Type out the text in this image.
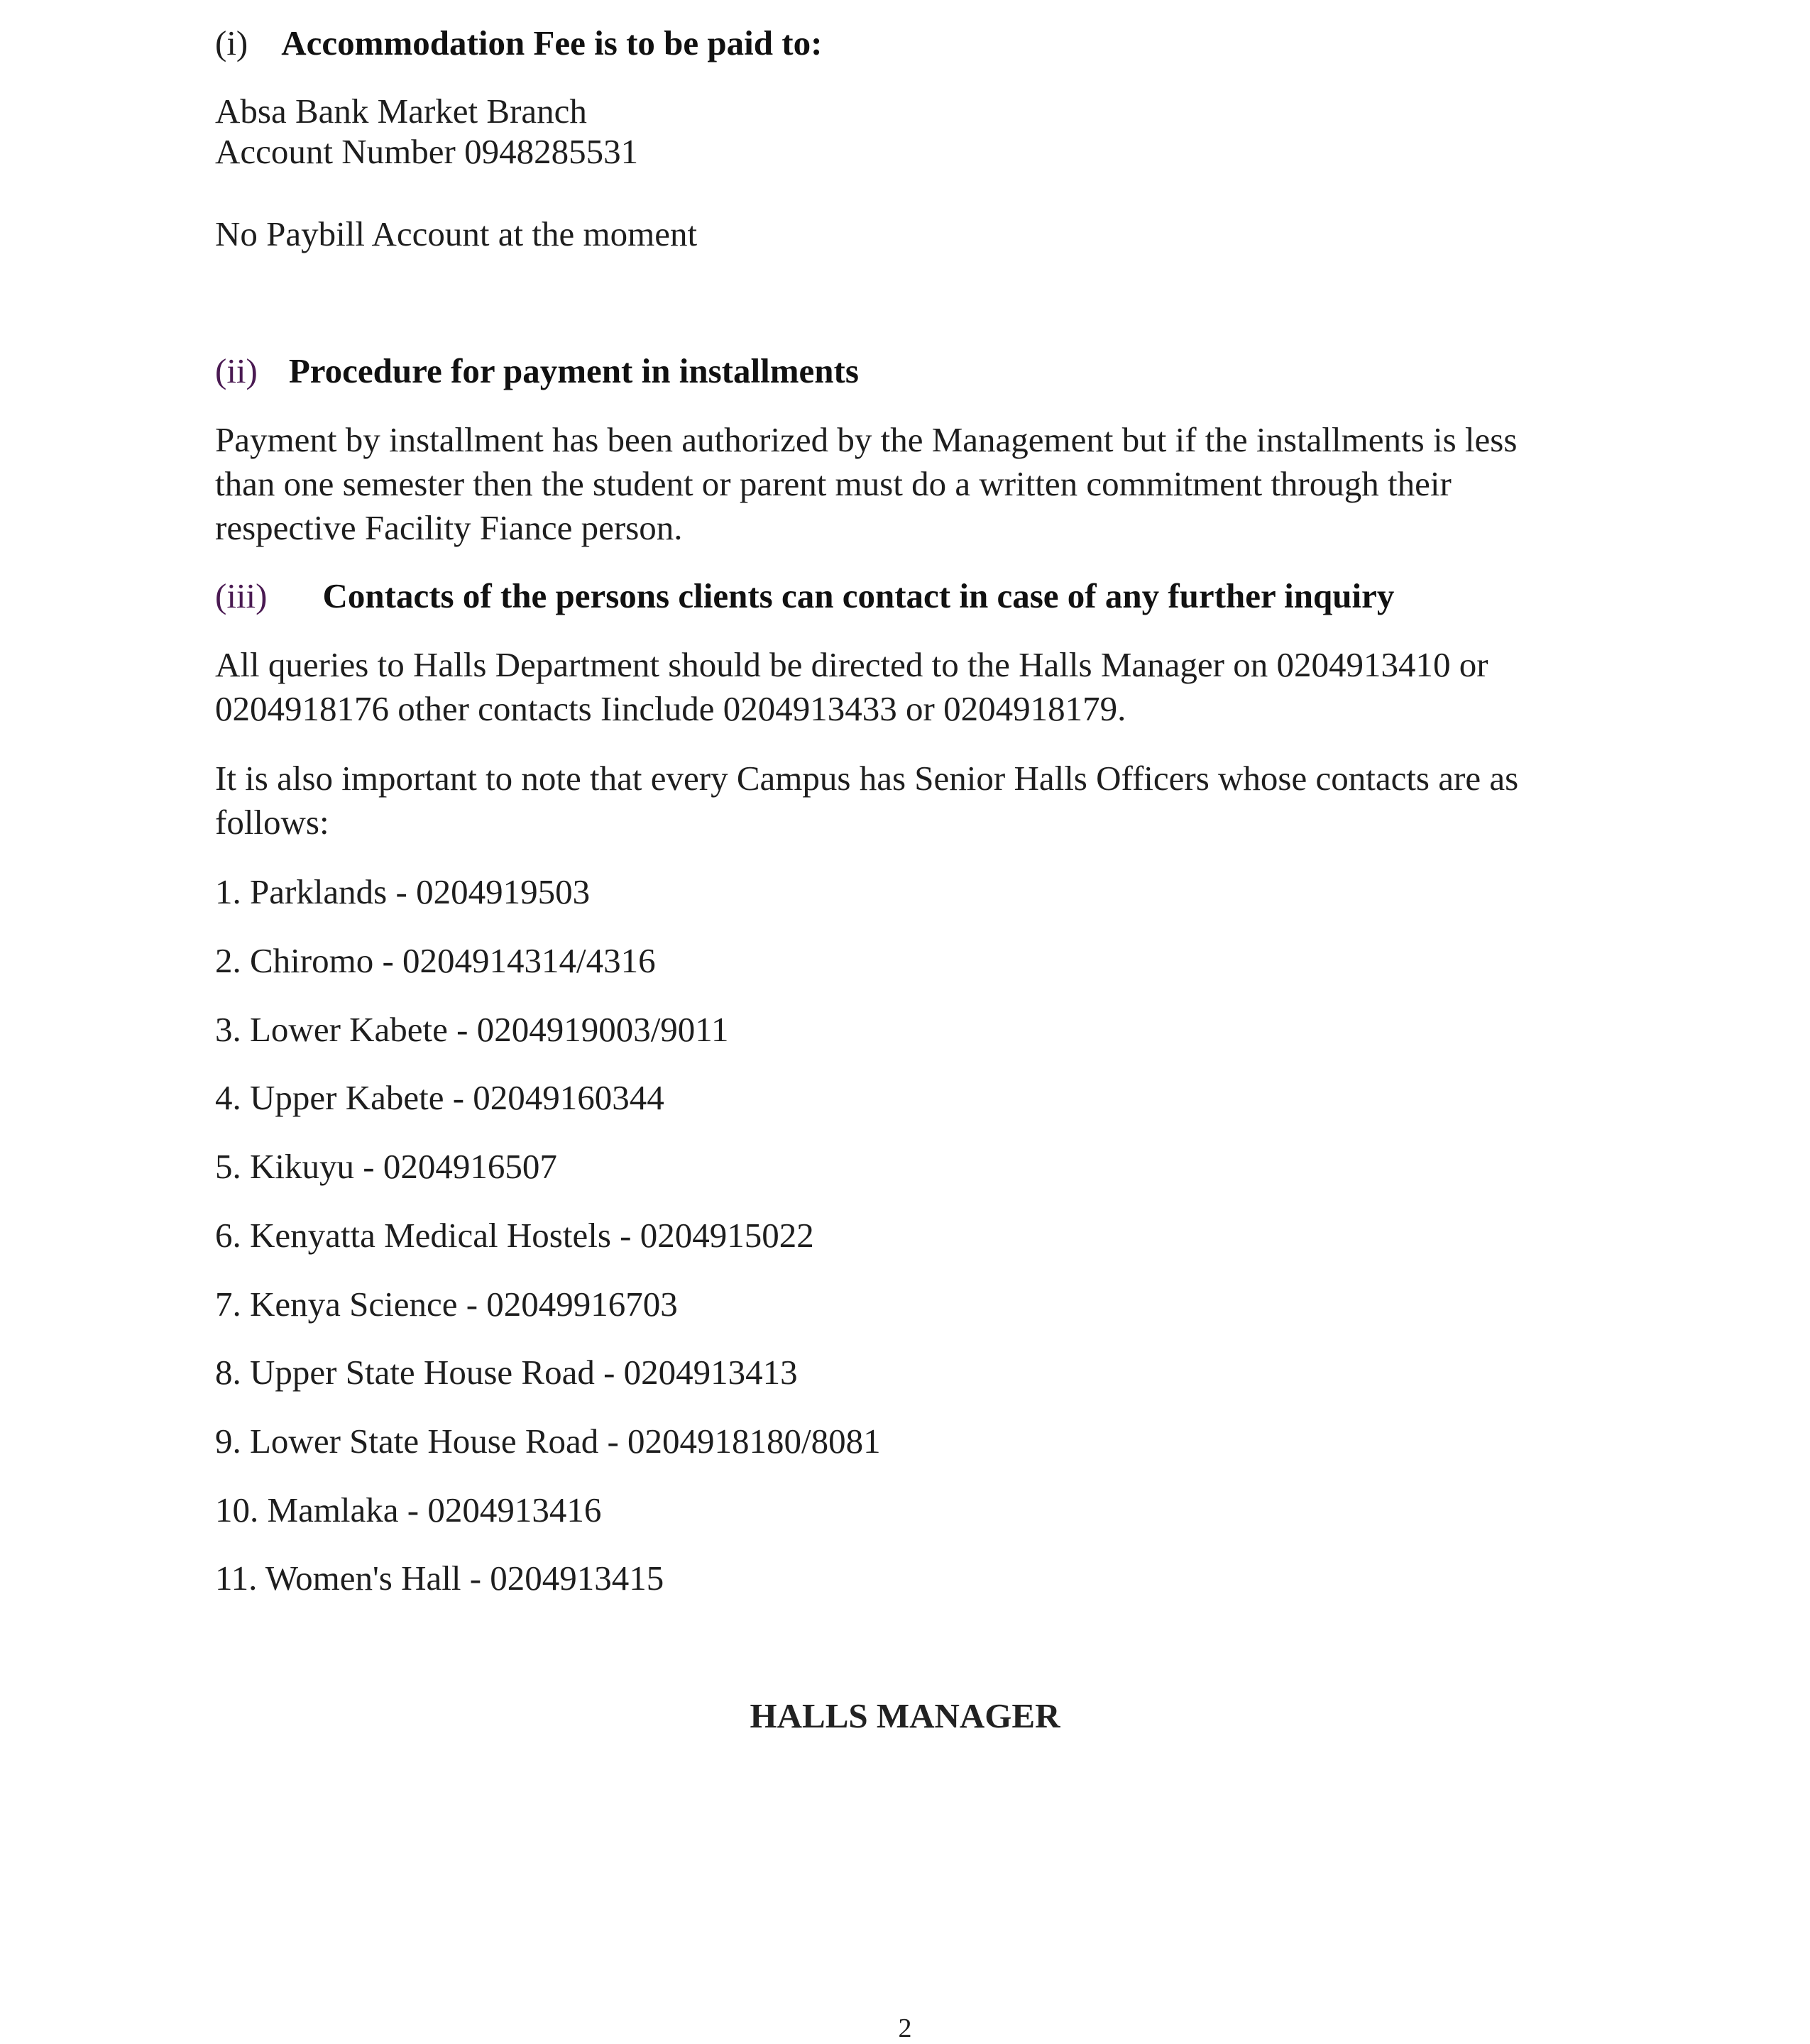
(i) Accommodation Fee is to be paid to:
Absa Bank Market Branch
Account Number 0948285531
No Paybill Account at the moment
(ii) Procedure for payment in installments
Payment by installment has been authorized by the Management but if the installments is less
than one semester then the student or parent must do a written commitment through their
respective Facility Fiance person.
(iii) Contacts of the persons clients can contact in case of any further inquiry
All queries to Halls Department should be directed to the Halls Manager on 0204913410 or
0204918176 other contacts Iinclude 0204913433 or 0204918179.
It is also important to note that every Campus has Senior Halls Officers whose contacts are as
follows:
1. Parklands - 0204919503
2. Chiromo - 0204914314/4316
3. Lower Kabete - 0204919003/9011
4. Upper Kabete - 02049160344
5. Kikuyu - 0204916507
6. Kenyatta Medical Hostels - 0204915022
7. Kenya Science - 02049916703
8. Upper State House Road - 0204913413
9. Lower State House Road - 0204918180/8081
10. Mamlaka - 0204913416
11. Women's Hall - 0204913415
HALLS MANAGER
2
